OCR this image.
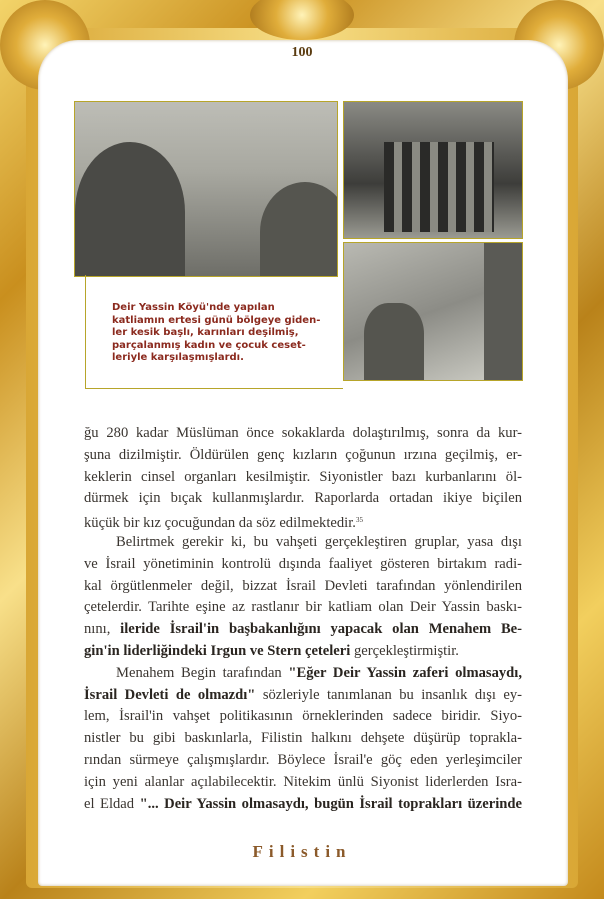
100
Deir Yassin Köyü'nde yapılan
katliamın ertesi günü bölgeye giden-
ler kesik başlı, karınları deşilmiş,
parçalanmış kadın ve çocuk ceset-
leriyle karşılaşmışlardı.
ğu 280 kadar Müslüman önce sokaklarda dolaştırılmış, sonra da kur-
şuna dizilmiştir. Öldürülen genç kızların çoğunun ırzına geçilmiş, er-
keklerin cinsel organları kesilmiştir. Siyonistler bazı kurbanlarını öl-
dürmek için bıçak kullanmışlardır. Raporlarda ortadan ikiye biçilen
küçük bir kız çocuğundan da söz edilmektedir.$^{35}$
Belirtmek gerekir ki, bu vahşeti gerçekleştiren gruplar, yasa dışı
ve İsrail yönetiminin kontrolü dışında faaliyet gösteren birtakım radi-
kal örgütlenmeler değil, bizzat İsrail Devleti tarafından yönlendirilen
çetelerdir. Tarihte eşine az rastlanır bir katliam olan Deir Yassin baskı-
nını, ileride İsrail'in başbakanlığını yapacak olan Menahem Be-
gin'in liderliğindeki Irgun ve Stern çeteleri gerçekleştirmiştir.
Menahem Begin tarafından "Eğer Deir Yassin zaferi olmasaydı,
İsrail Devleti de olmazdı" sözleriyle tanımlanan bu insanlık dışı ey-
lem, İsrail'in vahşet politikasının örneklerinden sadece biridir. Siyo-
nistler bu gibi baskınlarla, Filistin halkını dehşete düşürüp toprakla-
rından sürmeye çalışmışlardır. Böylece İsrail'e göç eden yerleşimciler
için yeni alanlar açılabilecektir. Nitekim ünlü Siyonist liderlerden Isra-
el Eldad "... Deir Yassin olmasaydı, bugün İsrail toprakları üzerinde
Filistin
